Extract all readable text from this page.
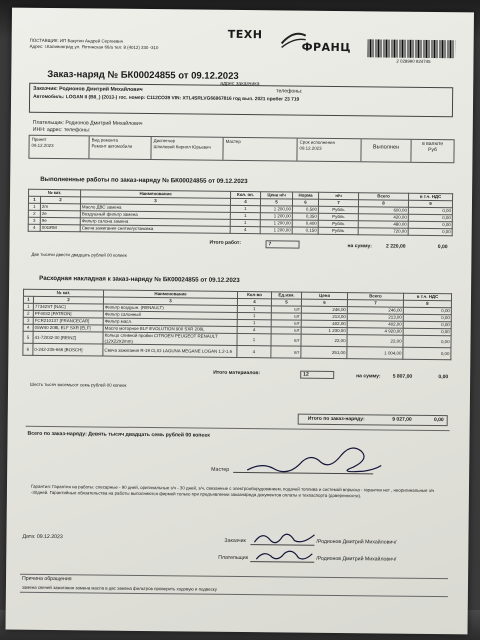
ПОСТАВЩИК: ИП Бакутин Андрей Сергеевич
Адрес: г.Калининград ул. Ялтинская 66/а тел: 8 (4012) 330 -310
ТЕХН
ФРАНЦ
2 028990 924745
Заказ-наряд № БК00024855 от 09.12.2023
Заказчик: Родионов Дмитрий Михайлович
адрес заказчика
телефоны:
Автомобиль: LOGAN II (B8_) (2013-) гос. номер: С112СО39 VIN: XTL4SRLVG66967816 год вып. 2021 пробег 23 719
Плательщик: Родионов Дмитрий Михайлович
ИНН: адрес: телефоны:
Принят
09.12.2023
Вид ремонта
Ремонт автомобиля
Диспетчер
Шпилевой Кирилл Юрьевич
Мастер	Срок исполнения
09.12.2023	Выполнен
в валюте
Руб
Выполненные работы по заказ-наряду № БК00024855 от 09.12.2023
№ кат.		Наименование	Кол. оп.	Цена н/ч	Норма	н/ч	Всего	в т.ч. НДС
1	2	3	4	5	6	7	8	9
1	2m	Масло ДВС замена	1	1 200,00	0,500	Рубль	600,00	0,00
2	2e	Воздушный фильтр замена	1	1 200,00	0,350	Рубль	420,00	0,00
3	9e	Фильтр салона замена	1	1 200,00	0,400	Рубль	480,00	0,00
4	00GRM	Свеча зажигания снятие/установка	4	1 200,00	0,150	Рубль	720,00	0,00
Итого работ:	7	на сумму:	2 220,00	0,00
Две тысячи двести двадцать рублей 00 копеек
Расходная накладная к заказ-наряду № БК00024855 от 09.12.2023
№ кат.		Наименование	Кол-во	Ед.изм.	Цена	Всего	в т.ч. НДС
1	2	3	4	5	6	7	8
1	77342ST [NAC]	Фильтр воздушн. (RENAULT)	1	шт	246,00	246,00	0,00
2	PF4032 [PATRON]	Фильтр салонный	1	шт	213,00	213,00	0,00
3	FCR210137 [FRANCECAR]	Фильтр масл.	1	шт	402,00	402,00	0,00
4	05W40 208L ELF SXR [ELF]	Масло моторное ELF EVOLUTION 900 SXR 208L	4	шт	1 230,00	4 920,00	0,00
5	41-72032-30 [REINZ]	Кольцо сливной пробки CITROEN PEUGEOT RENAULT (12X22X2mm)	1	шт	22,00	22,00	0,00
6	0-242-235-666 [BOSCH]	Свеча зажигания R-19 CLIO LAGUNA MEGANE LOGAN 1.2-1.6	4	шт	251,00	1 004,00	0,00
Итого материалов:	12	на сумму:	5 807,00	0,00
Шесть тысяч восемьсот семь рублей 00 копеек
Итого по заказ-наряду:	9 027,00	0,00
Всего по заказ-наряду: Девять тысяч двадцать семь рублей 00 копеек
Мастер
Гарантия: Гарантия на работы: слесарные - 90 дней, оригинальные з/ч - 30 дней, з/ч, связанные с электрооборудованием, подачей топлива и системой впрыска - гарантии нет , неоригинальные з/ч -30дней. Гарантийные обязательства на работы выполняются фирмой только при предъявлении заказнарядa документов оплаты и техпаспорта (доверенности).
Дата: 09.12.2023
Заказчик	/Родионов Дмитрий Михайлович/
Плательщик	/Родионов Дмитрий Михайлович/
Причина обращения
замена свечей зажигания замена масла в двс замена фильтров проверить ходовую и подвеску
